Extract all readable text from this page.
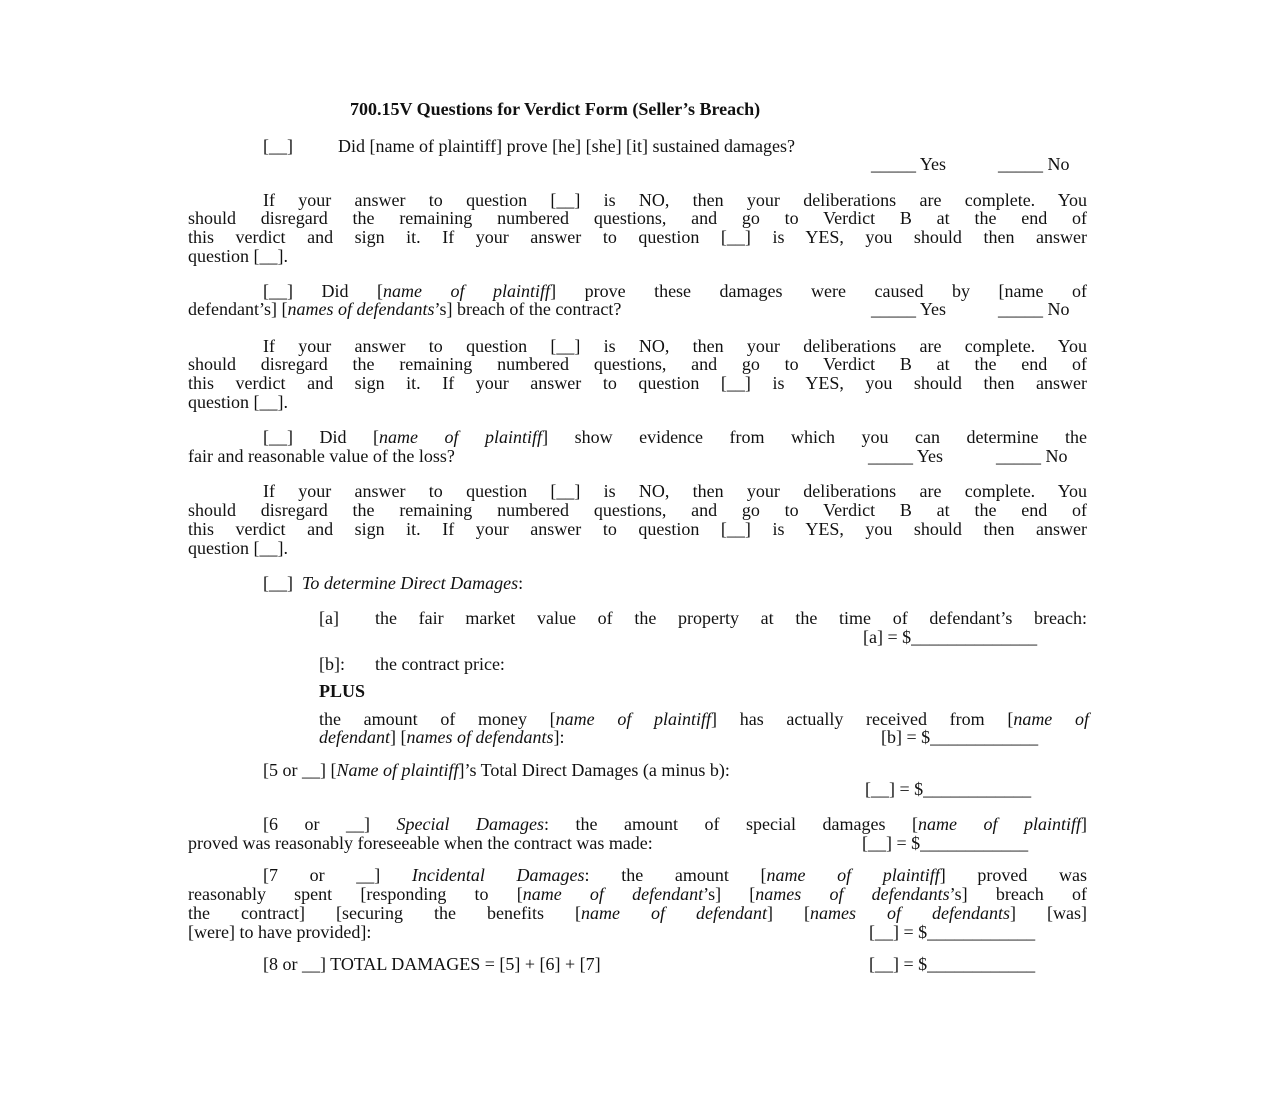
700.15V Questions for Verdict Form (Seller’s Breach)
[__]	Did [name of plaintiff] prove [he] [she] [it] sustained damages?
_____ Yes	_____ No
If your answer to question [__] is NO, then your deliberations are complete. You
should disregard the remaining numbered questions, and go to Verdict B at the end of
this verdict and sign it. If your answer to question [__] is YES, you should then answer
question [__].
[__] Did [name of plaintiff] prove these damages were caused by [name of
defendant’s] [names of defendants’s] breach of the contract?	_____ Yes	_____ No
If your answer to question [__] is NO, then your deliberations are complete. You
should disregard the remaining numbered questions, and go to Verdict B at the end of
this verdict and sign it. If your answer to question [__] is YES, you should then answer
question [__].
[__] Did [name of plaintiff] show evidence from which you can determine the
fair and reasonable value of the loss?	_____ Yes	_____ No
If your answer to question [__] is NO, then your deliberations are complete. You
should disregard the remaining numbered questions, and go to Verdict B at the end of
this verdict and sign it. If your answer to question [__] is YES, you should then answer
question [__].
[__] To determine Direct Damages:
[a] the fair market value of the property at the time of defendant’s breach:
[a] = $______________
[b]: the contract price:
PLUS
the amount of money [name of plaintiff] has actually received from [name of
defendant] [names of defendants]:	[b] = $____________
[5 or __] [Name of plaintiff]’s Total Direct Damages (a minus b):
[__] = $____________
[6 or __] Special Damages: the amount of special damages [name of plaintiff]
proved was reasonably foreseeable when the contract was made:	[__] = $____________
[7 or __] Incidental Damages: the amount [name of plaintiff] proved was
reasonably spent [responding to [name of defendant’s] [names of defendants’s] breach of
the contract] [securing the benefits [name of defendant] [names of defendants] [was]
[were] to have provided]:	[__] = $____________
[8 or __] TOTAL DAMAGES = [5] + [6] + [7]	[__] = $____________
